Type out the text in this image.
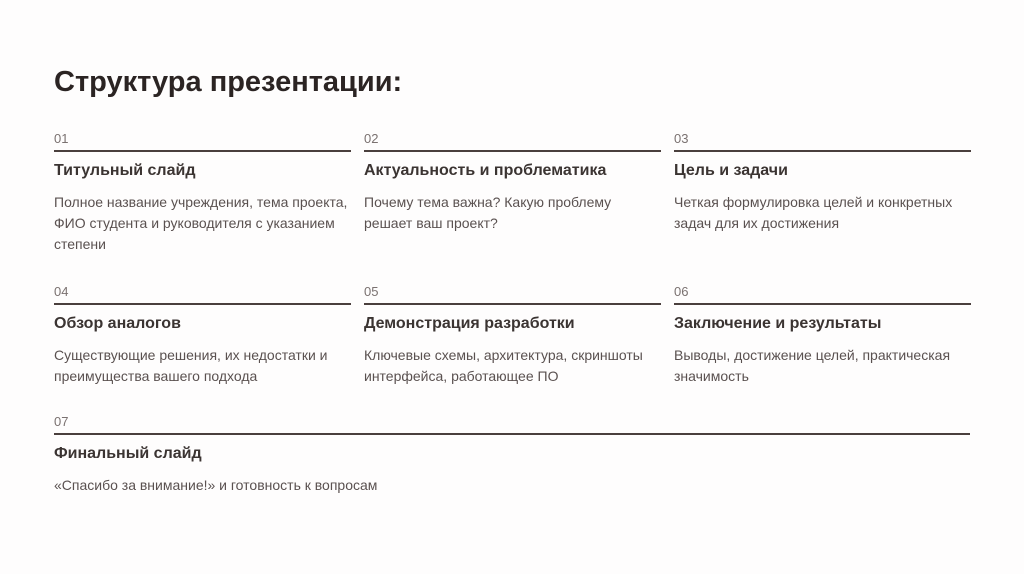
Структура презентации:
01
Титульный слайд
Полное название учреждения, тема проекта, ФИО студента и руководителя с указанием степени
02
Актуальность и проблематика
Почему тема важна? Какую проблему решает ваш проект?
03
Цель и задачи
Четкая формулировка целей и конкретных задач для их достижения
04
Обзор аналогов
Существующие решения, их недостатки и преимущества вашего подхода
05
Демонстрация разработки
Ключевые схемы, архитектура, скриншоты интерфейса, работающее ПО
06
Заключение и результаты
Выводы, достижение целей, практическая значимость
07
Финальный слайд
«Спасибо за внимание!» и готовность к вопросам
